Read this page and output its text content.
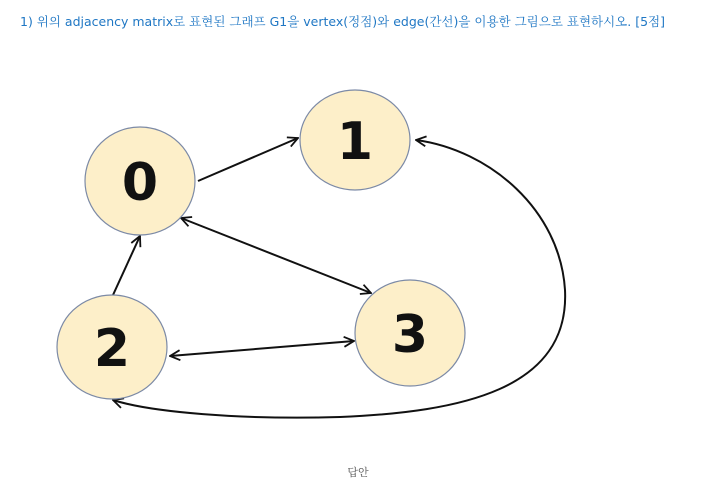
1) 위의 adjacency matrix로 표현된 그래프 G1을 vertex(정점)와 edge(간선)을 이용한 그림으로 표현하시오. [5점]
0
1
2	3
답안
